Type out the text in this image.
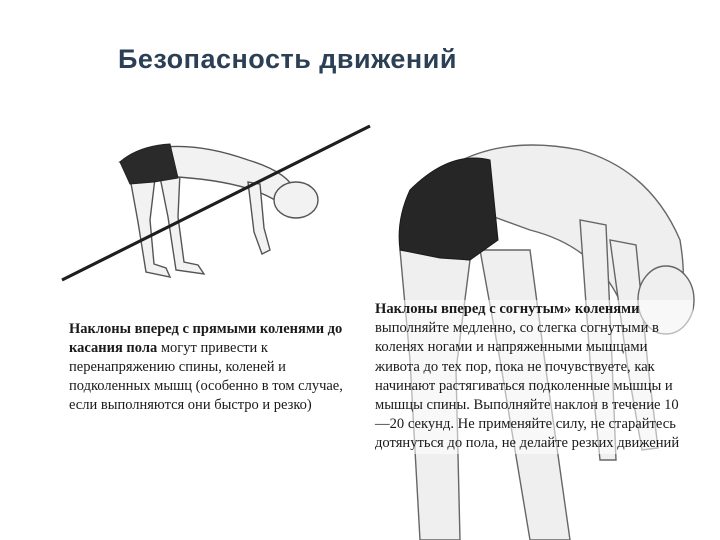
Безопасность движений
Наклоны вперед с прямыми коленями до касания пола могут привести к перенапряжению спины, коленей и подколенных мышц (особенно в том случае, если выполняются они быстро и резко)
Наклоны вперед с согнутым» коленями выполняйте медленно, со слегка согнутыми в коленях ногами и напряженными мышцами живота до тех пор, пока не почувствуете, как начинают растягиваться подколенные мышцы и мышцы спины. Выполняйте наклон в течение 10—20 секунд. Не применяйте силу, не старайтесь дотянуться до пола, не делайте резких движений
